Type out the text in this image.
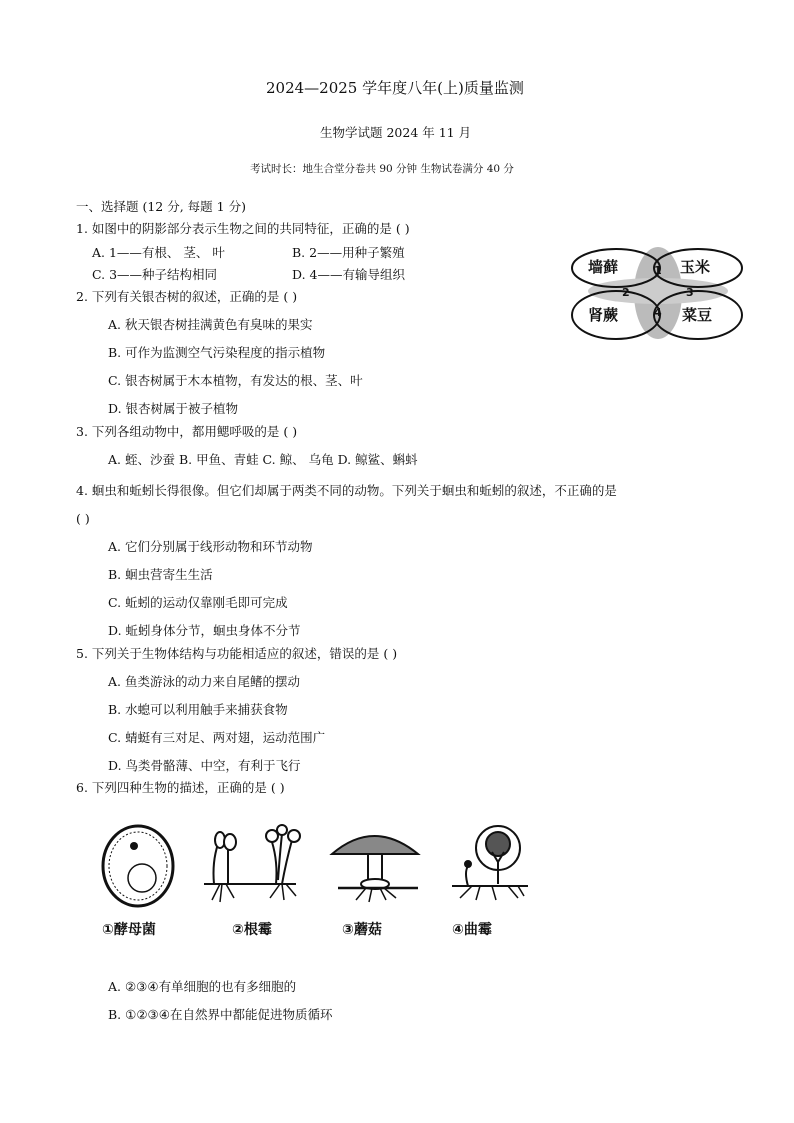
2024—2025 学年度八年(上)质量监测
生物学试题 2024 年 11 月
考试时长：地生合堂分卷共 90 分钟 生物试卷满分 40 分
一、选择题 (12 分, 每题 1 分)
1. 如图中的阴影部分表示生物之间的共同特征，正确的是 ( )
A. 1——有根、 茎、 叶	B. 2——用种子繁殖
C. 3——种子结构相同	D. 4——有输导组织	墙藓	玉米
肾蕨	菜豆
1
2	3
4
2. 下列有关银杏树的叙述，正确的是 ( )
A. 秋天银杏树挂满黄色有臭味的果实
B. 可作为监测空气污染程度的指示植物
C. 银杏树属于木本植物，有发达的根、茎、叶
D. 银杏树属于被子植物
3. 下列各组动物中，都用鳃呼吸的是 ( )
A. 蛭、沙蚕 B. 甲鱼、青蛙 C. 鲸、 乌龟 D. 鲸鲨、蝌蚪
4. 蛔虫和蚯蚓长得很像。但它们却属于两类不同的动物。下列关于蛔虫和蚯蚓的叙述，不正确的是
( )
A. 它们分别属于线形动物和环节动物
B. 蛔虫营寄生生活
C. 蚯蚓的运动仅靠刚毛即可完成
D. 蚯蚓身体分节，蛔虫身体不分节
5. 下列关于生物体结构与功能相适应的叙述，错误的是 ( )
A. 鱼类游泳的动力来自尾鳍的摆动
B. 水螅可以利用触手来捕获食物
C. 蜻蜓有三对足、两对翅，运动范围广
D. 鸟类骨骼薄、中空，有利于飞行
6. 下列四种生物的描述，正确的是 ( )
①酵母菌	②根霉	③蘑菇	④曲霉
A. ②③④有单细胞的也有多细胞的
B. ①②③④在自然界中都能促进物质循环
